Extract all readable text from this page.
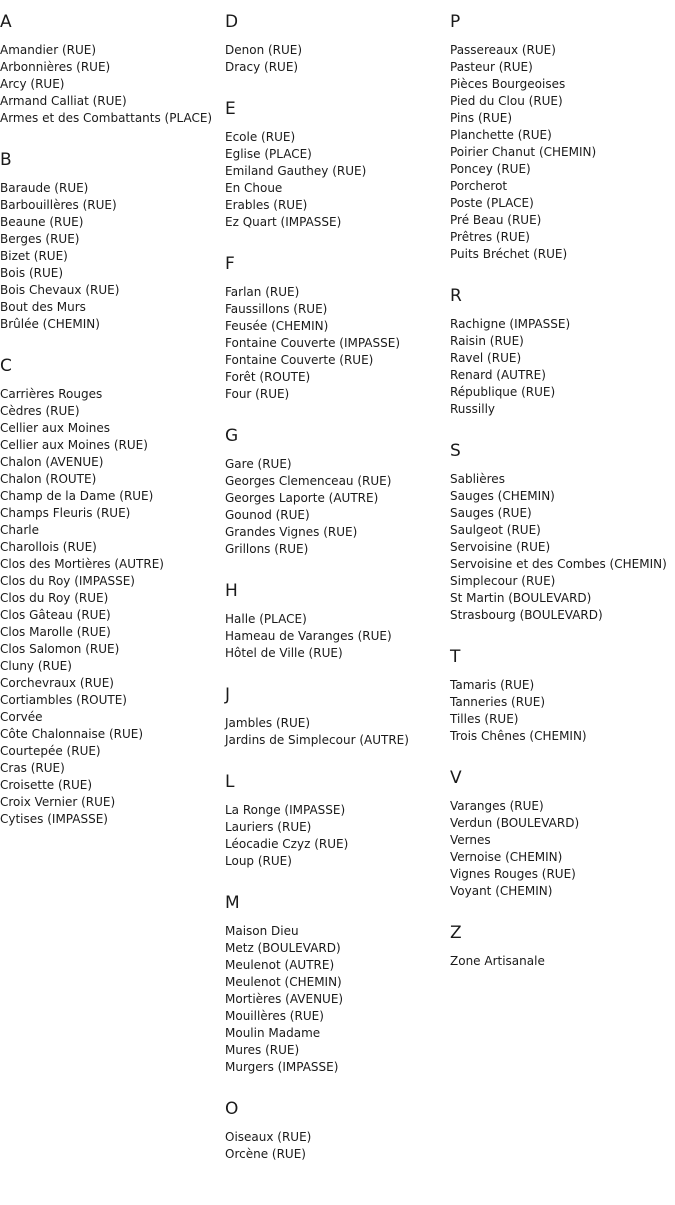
A
Amandier (RUE)
Arbonnières (RUE)
Arcy (RUE)
Armand Calliat (RUE)
Armes et des Combattants (PLACE)
B
Baraude (RUE)
Barbouillères (RUE)
Beaune (RUE)
Berges (RUE)
Bizet (RUE)
Bois (RUE)
Bois Chevaux (RUE)
Bout des Murs
Brûlée (CHEMIN)
C
Carrières Rouges
Cèdres (RUE)
Cellier aux Moines
Cellier aux Moines (RUE)
Chalon (AVENUE)
Chalon (ROUTE)
Champ de la Dame (RUE)
Champs Fleuris (RUE)
Charle
Charollois (RUE)
Clos des Mortières (AUTRE)
Clos du Roy (IMPASSE)
Clos du Roy (RUE)
Clos Gâteau (RUE)
Clos Marolle (RUE)
Clos Salomon (RUE)
Cluny (RUE)
Corchevraux (RUE)
Cortiambles (ROUTE)
Corvée
Côte Chalonnaise (RUE)
Courtepée (RUE)
Cras (RUE)
Croisette (RUE)
Croix Vernier (RUE)
Cytises (IMPASSE)
D
Denon (RUE)
Dracy (RUE)
E
Ecole (RUE)
Eglise (PLACE)
Emiland Gauthey (RUE)
En Choue
Erables (RUE)
Ez Quart (IMPASSE)
F
Farlan (RUE)
Faussillons (RUE)
Feusée (CHEMIN)
Fontaine Couverte (IMPASSE)
Fontaine Couverte (RUE)
Forêt (ROUTE)
Four (RUE)
G
Gare (RUE)
Georges Clemenceau (RUE)
Georges Laporte (AUTRE)
Gounod (RUE)
Grandes Vignes (RUE)
Grillons (RUE)
H
Halle (PLACE)
Hameau de Varanges (RUE)
Hôtel de Ville (RUE)
J
Jambles (RUE)
Jardins de Simplecour (AUTRE)
L
La Ronge (IMPASSE)
Lauriers (RUE)
Léocadie Czyz (RUE)
Loup (RUE)
M
Maison Dieu
Metz (BOULEVARD)
Meulenot (AUTRE)
Meulenot (CHEMIN)
Mortières (AVENUE)
Mouillères (RUE)
Moulin Madame
Mures (RUE)
Murgers (IMPASSE)
O
Oiseaux (RUE)
Orcène (RUE)
P
Passereaux (RUE)
Pasteur (RUE)
Pièces Bourgeoises
Pied du Clou (RUE)
Pins (RUE)
Planchette (RUE)
Poirier Chanut (CHEMIN)
Poncey (RUE)
Porcherot
Poste (PLACE)
Pré Beau (RUE)
Prêtres (RUE)
Puits Bréchet (RUE)
R
Rachigne (IMPASSE)
Raisin (RUE)
Ravel (RUE)
Renard (AUTRE)
République (RUE)
Russilly
S
Sablières
Sauges (CHEMIN)
Sauges (RUE)
Saulgeot (RUE)
Servoisine (RUE)
Servoisine et des Combes (CHEMIN)
Simplecour (RUE)
St Martin (BOULEVARD)
Strasbourg (BOULEVARD)
T
Tamaris (RUE)
Tanneries (RUE)
Tilles (RUE)
Trois Chênes (CHEMIN)
V
Varanges (RUE)
Verdun (BOULEVARD)
Vernes
Vernoise (CHEMIN)
Vignes Rouges (RUE)
Voyant (CHEMIN)
Z
Zone Artisanale
